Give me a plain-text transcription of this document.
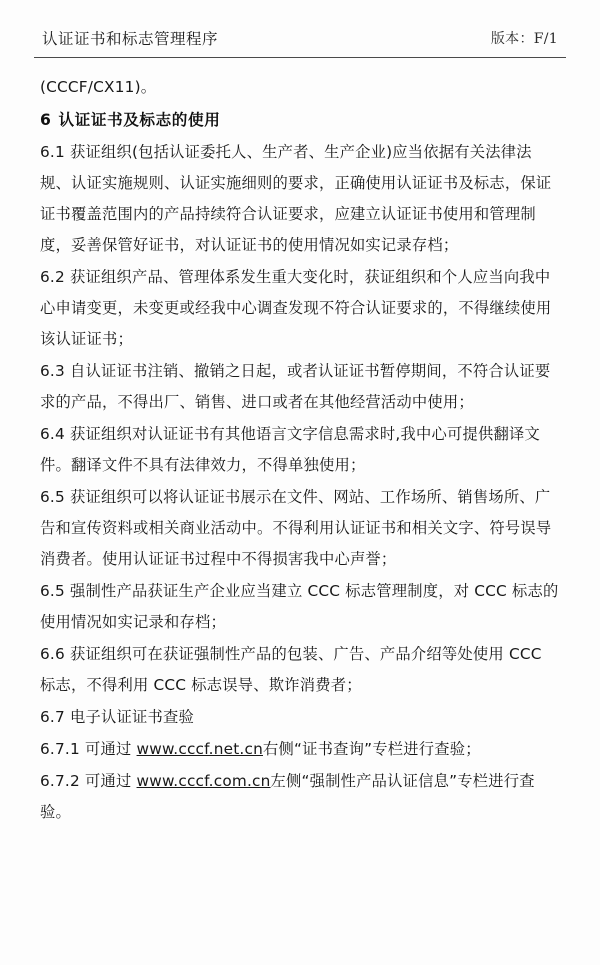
认证证书和标志管理程序	版本：F/1

(CCCF/CX11)。

6 认证证书及标志的使用

6.1 获证组织(包括认证委托人、生产者、生产企业)应当依据有关法律法规、认证实施规则、认证实施细则的要求，正确使用认证证书及标志，保证证书覆盖范围内的产品持续符合认证要求，应建立认证证书使用和管理制度，妥善保管好证书，对认证证书的使用情况如实记录存档；

6.2 获证组织产品、管理体系发生重大变化时，获证组织和个人应当向我中心申请变更，未变更或经我中心调查发现不符合认证要求的，不得继续使用该认证证书；

6.3 自认证证书注销、撤销之日起，或者认证证书暂停期间，不符合认证要求的产品，不得出厂、销售、进口或者在其他经营活动中使用；

6.4 获证组织对认证证书有其他语言文字信息需求时,我中心可提供翻译文件。翻译文件不具有法律效力，不得单独使用；

6.5 获证组织可以将认证证书展示在文件、网站、工作场所、销售场所、广告和宣传资料或相关商业活动中。不得利用认证证书和相关文字、符号误导消费者。使用认证证书过程中不得损害我中心声誉；

6.5 强制性产品获证生产企业应当建立 CCC 标志管理制度，对 CCC 标志的使用情况如实记录和存档；

6.6 获证组织可在获证强制性产品的包装、广告、产品介绍等处使用 CCC 标志，不得利用 CCC 标志误导、欺诈消费者；

6.7 电子认证证书查验

6.7.1 可通过 www.cccf.net.cn右侧“证书查询”专栏进行查验；

6.7.2 可通过 www.cccf.com.cn左侧“强制性产品认证信息”专栏进行查验。
